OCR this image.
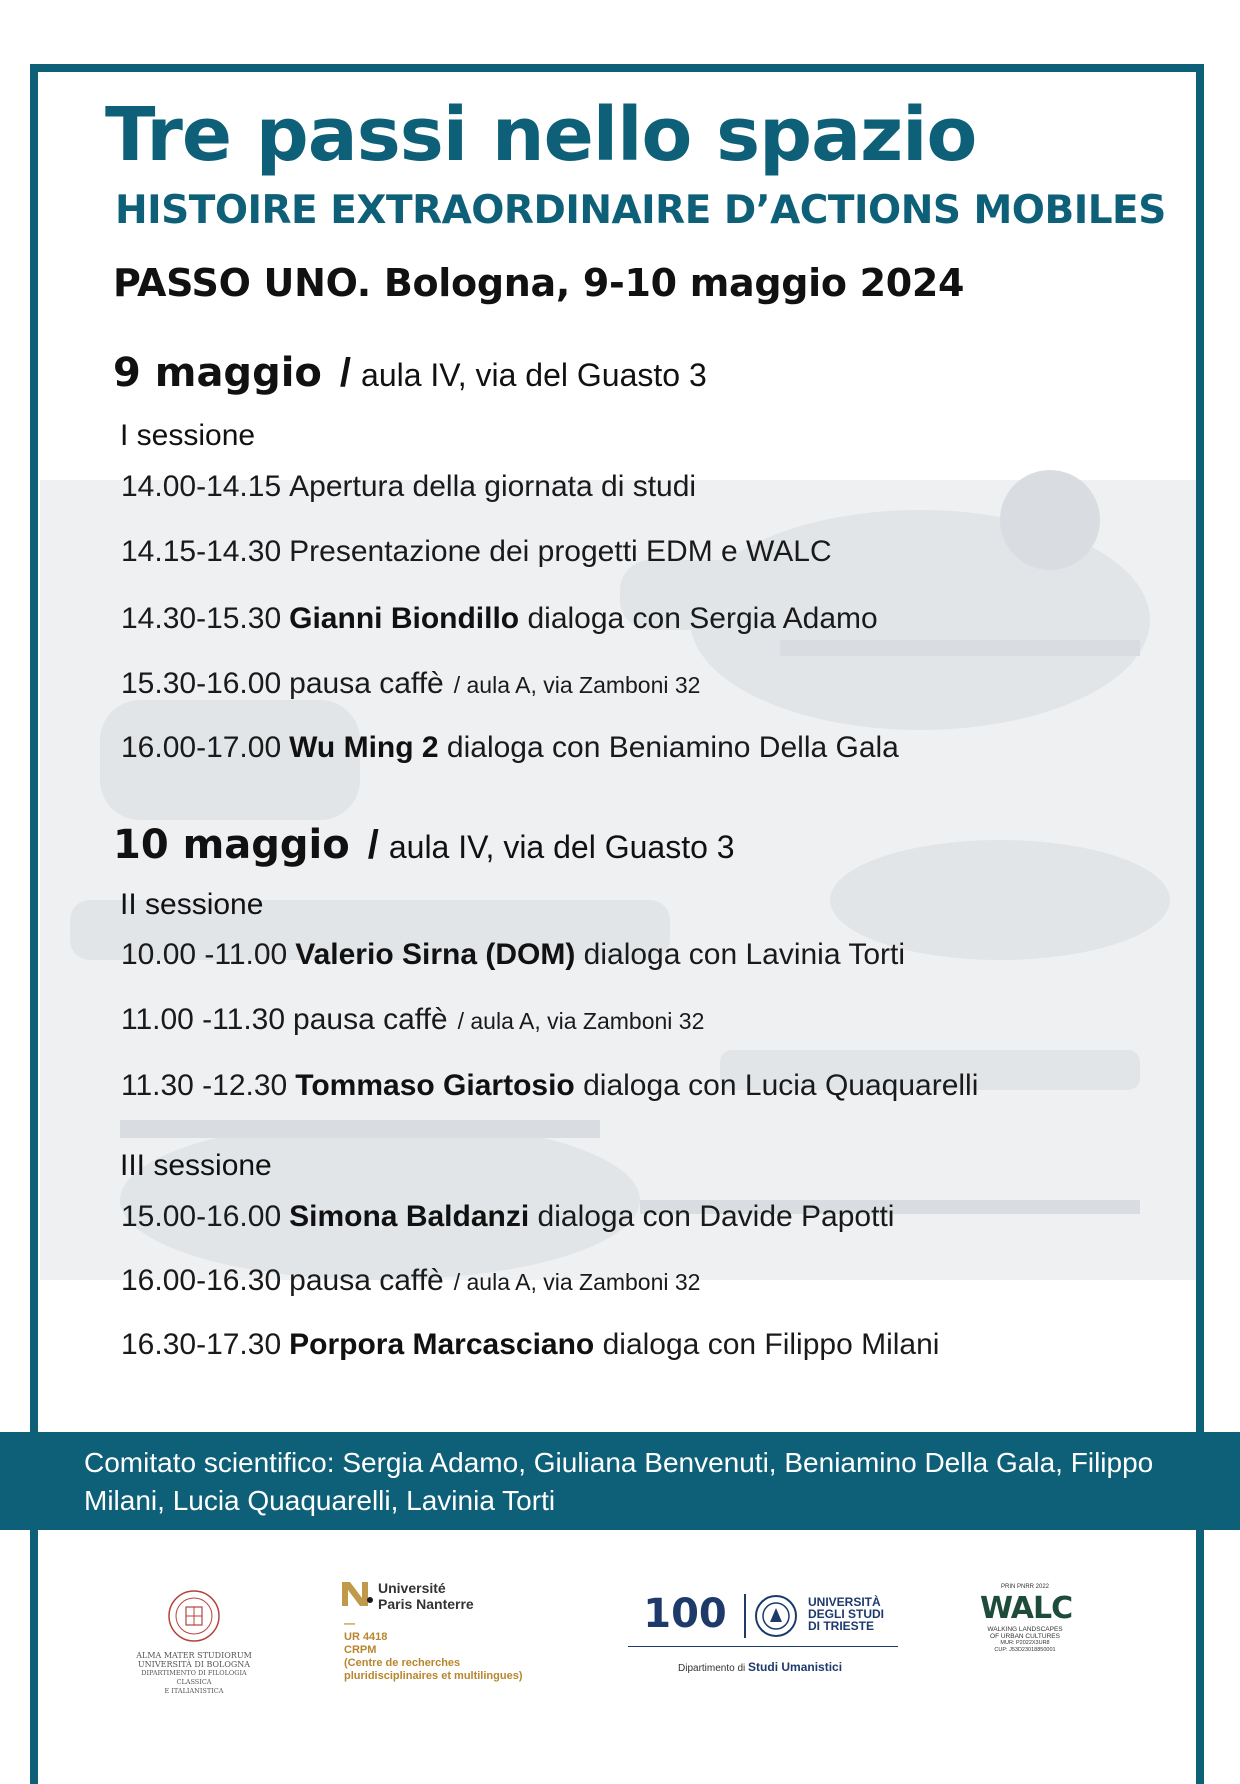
Tre passi nello spazio
HISTOIRE EXTRAORDINAIRE D’ACTIONS MOBILES
PASSO UNO. Bologna, 9-10 maggio 2024
9 maggio / aula IV, via del Guasto 3
I sessione
14.00-14.15 Apertura della giornata di studi
14.15-14.30 Presentazione dei progetti EDM e WALC
14.30-15.30 Gianni Biondillo dialoga con Sergia Adamo
15.30-16.00 pausa caffè / aula A, via Zamboni 32
16.00-17.00 Wu Ming 2 dialoga con Beniamino Della Gala
10 maggio / aula IV, via del Guasto 3
II sessione
10.00 -11.00 Valerio Sirna (DOM) dialoga con Lavinia Torti
11.00 -11.30 pausa caffè / aula A, via Zamboni 32
11.30 -12.30 Tommaso Giartosio dialoga con Lucia Quaquarelli
III sessione
15.00-16.00 Simona Baldanzi dialoga con Davide Papotti
16.00-16.30 pausa caffè / aula A, via Zamboni 32
16.30-17.30 Porpora Marcasciano dialoga con Filippo Milani
Comitato scientifico: Sergia Adamo, Giuliana Benvenuti, Beniamino Della Gala, Filippo Milani, Lucia Quaquarelli, Lavinia Torti
ALMA MATER STUDIORUM
UNIVERSITÀ DI BOLOGNA
DIPARTIMENTO DI FILOLOGIA CLASSICA
E ITALIANISTICA
Université
Paris Nanterre
—
UR 4418
CRPM
(Centre de recherches
pluridisciplinaires et multilingues)
100	UNIVERSITÀ
DEGLI STUDI
DI TRIESTE
Dipartimento di Studi Umanistici
PRIN PNRR 2022
WALC
WALKING LANDSCAPES
OF URBAN CULTURES
MUR: P2022X3UR8
CUP: J53D23018850001
